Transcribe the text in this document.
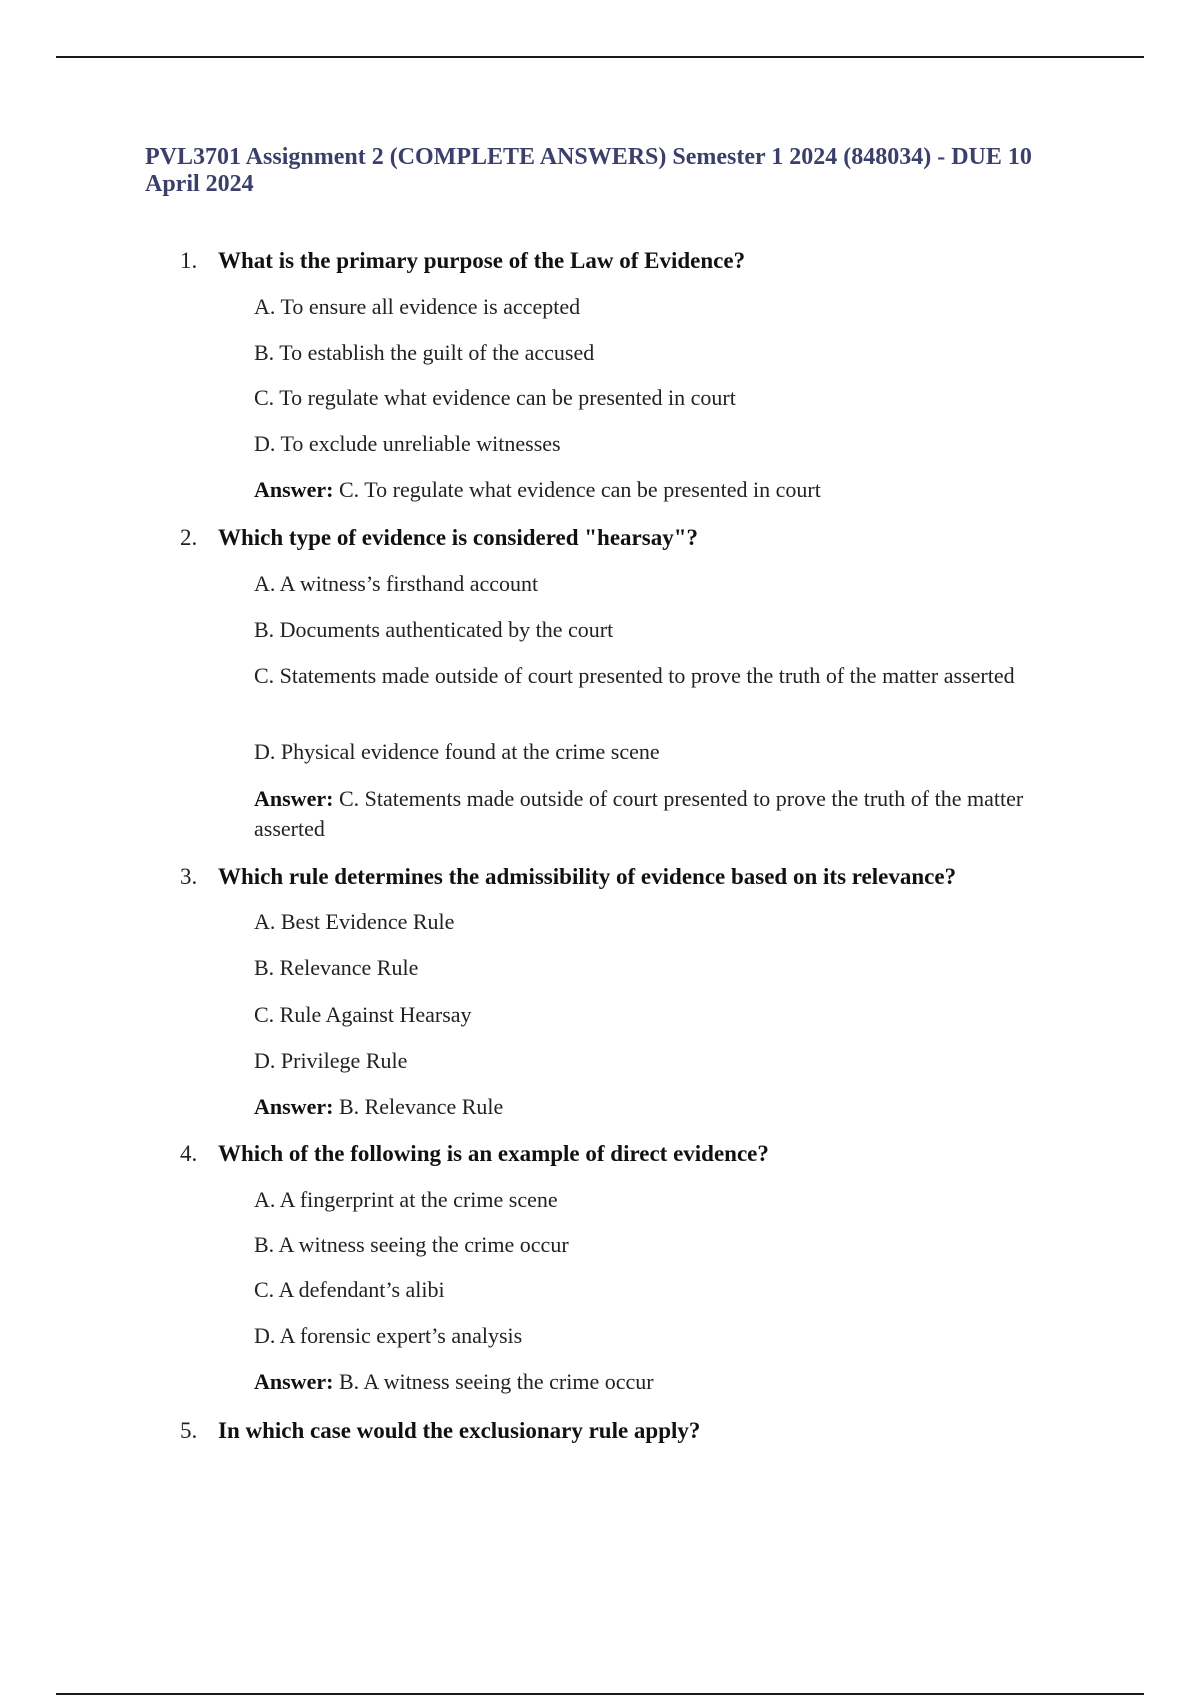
PVL3701 Assignment 2 (COMPLETE ANSWERS) Semester 1 2024 (848034) - DUE 10 April 2024
1. What is the primary purpose of the Law of Evidence?
A. To ensure all evidence is accepted
B. To establish the guilt of the accused
C. To regulate what evidence can be presented in court
D. To exclude unreliable witnesses
Answer: C. To regulate what evidence can be presented in court
2. Which type of evidence is considered "hearsay"?
A. A witness’s firsthand account
B. Documents authenticated by the court
C. Statements made outside of court presented to prove the truth of the matter asserted
D. Physical evidence found at the crime scene
Answer: C. Statements made outside of court presented to prove the truth of the matter asserted
3. Which rule determines the admissibility of evidence based on its relevance?
A. Best Evidence Rule
B. Relevance Rule
C. Rule Against Hearsay
D. Privilege Rule
Answer: B. Relevance Rule
4. Which of the following is an example of direct evidence?
A. A fingerprint at the crime scene
B. A witness seeing the crime occur
C. A defendant’s alibi
D. A forensic expert’s analysis
Answer: B. A witness seeing the crime occur
5. In which case would the exclusionary rule apply?
